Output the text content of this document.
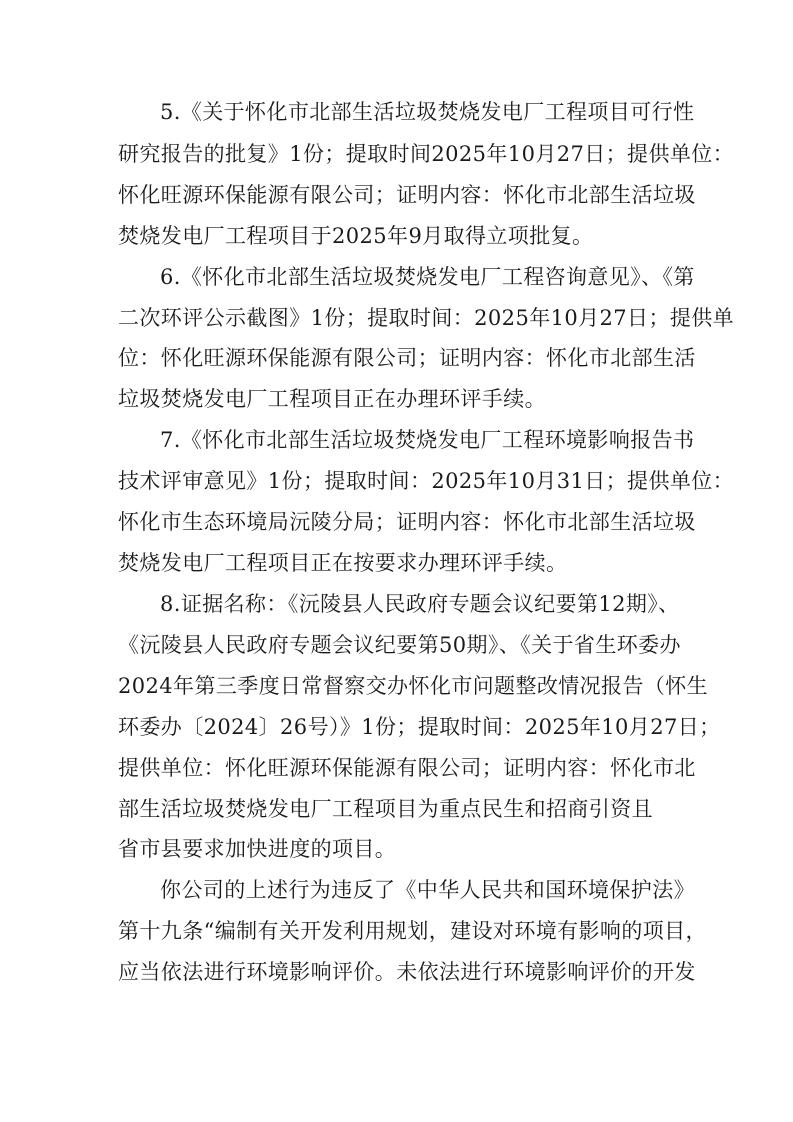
5.《关于怀化市北部生活垃圾焚烧发电厂工程项目可行性
研究报告的批复》1份；提取时间2025年10月27日；提供单位：
怀化旺源环保能源有限公司；证明内容：怀化市北部生活垃圾
焚烧发电厂工程项目于2025年9月取得立项批复。
6.《怀化市北部生活垃圾焚烧发电厂工程咨询意见》、《第
二次环评公示截图》1份；提取时间：2025年10月27日；提供单
位：怀化旺源环保能源有限公司；证明内容：怀化市北部生活
垃圾焚烧发电厂工程项目正在办理环评手续。
7.《怀化市北部生活垃圾焚烧发电厂工程环境影响报告书
技术评审意见》1份；提取时间：2025年10月31日；提供单位：
怀化市生态环境局沅陵分局；证明内容：怀化市北部生活垃圾
焚烧发电厂工程项目正在按要求办理环评手续。
8.证据名称：《沅陵县人民政府专题会议纪要第12期》、
《沅陵县人民政府专题会议纪要第50期》、《关于省生环委办
2024年第三季度日常督察交办怀化市问题整改情况报告（怀生
环委办〔2024〕26号）》1份；提取时间：2025年10月27日；
提供单位：怀化旺源环保能源有限公司；证明内容：怀化市北
部生活垃圾焚烧发电厂工程项目为重点民生和招商引资且
省市县要求加快进度的项目。
你公司的上述行为违反了《中华人民共和国环境保护法》
第十九条“编制有关开发利用规划，建设对环境有影响的项目，
应当依法进行环境影响评价。未依法进行环境影响评价的开发
